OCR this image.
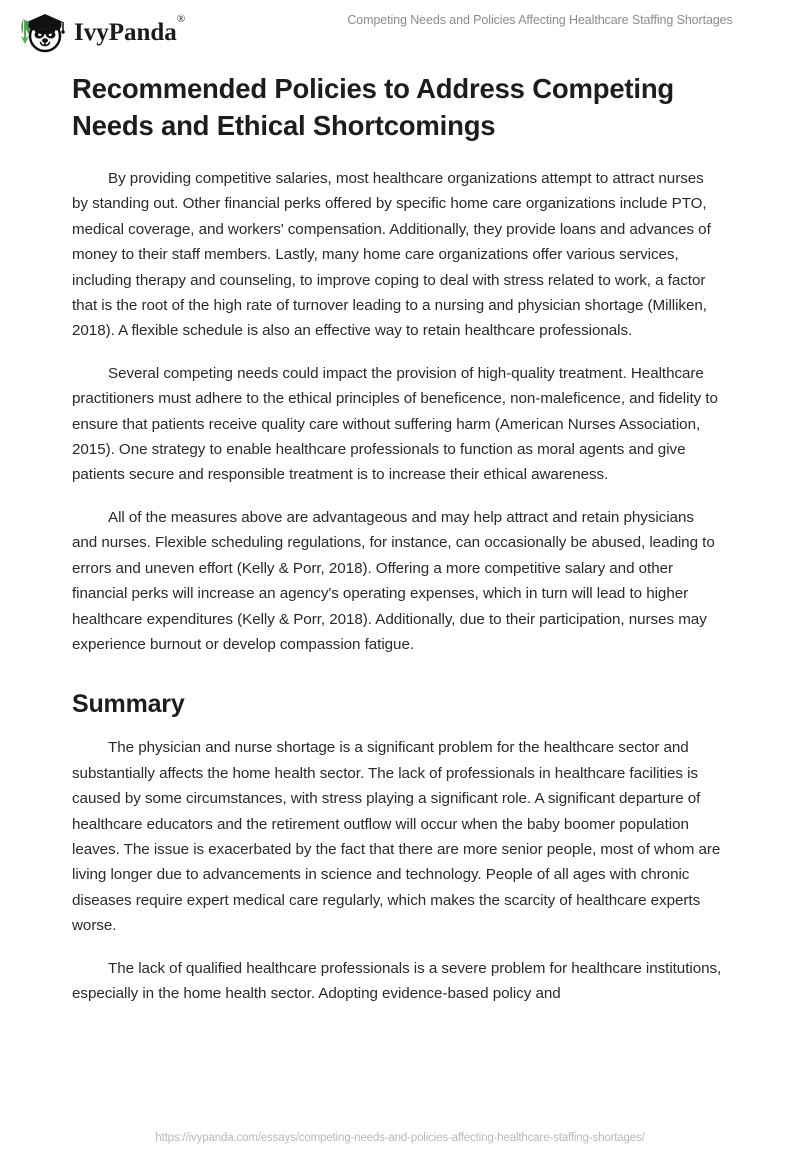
IvyPanda®	Competing Needs and Policies Affecting Healthcare Staffing Shortages
Recommended Policies to Address Competing Needs and Ethical Shortcomings

By providing competitive salaries, most healthcare organizations attempt to attract nurses by standing out. Other financial perks offered by specific home care organizations include PTO, medical coverage, and workers' compensation. Additionally, they provide loans and advances of money to their staff members. Lastly, many home care organizations offer various services, including therapy and counseling, to improve coping to deal with stress related to work, a factor that is the root of the high rate of turnover leading to a nursing and physician shortage (Milliken, 2018). A flexible schedule is also an effective way to retain healthcare professionals.

Several competing needs could impact the provision of high-quality treatment. Healthcare practitioners must adhere to the ethical principles of beneficence, non-maleficence, and fidelity to ensure that patients receive quality care without suffering harm (American Nurses Association, 2015). One strategy to enable healthcare professionals to function as moral agents and give patients secure and responsible treatment is to increase their ethical awareness.

All of the measures above are advantageous and may help attract and retain physicians and nurses. Flexible scheduling regulations, for instance, can occasionally be abused, leading to errors and uneven effort (Kelly & Porr, 2018). Offering a more competitive salary and other financial perks will increase an agency's operating expenses, which in turn will lead to higher healthcare expenditures (Kelly & Porr, 2018). Additionally, due to their participation, nurses may experience burnout or develop compassion fatigue.

Summary

The physician and nurse shortage is a significant problem for the healthcare sector and substantially affects the home health sector. The lack of professionals in healthcare facilities is caused by some circumstances, with stress playing a significant role. A significant departure of healthcare educators and the retirement outflow will occur when the baby boomer population leaves. The issue is exacerbated by the fact that there are more senior people, most of whom are living longer due to advancements in science and technology. People of all ages with chronic diseases require expert medical care regularly, which makes the scarcity of healthcare experts worse.

The lack of qualified healthcare professionals is a severe problem for healthcare institutions, especially in the home health sector. Adopting evidence-based policy and

https://ivypanda.com/essays/competing-needs-and-policies-affecting-healthcare-staffing-shortages/
